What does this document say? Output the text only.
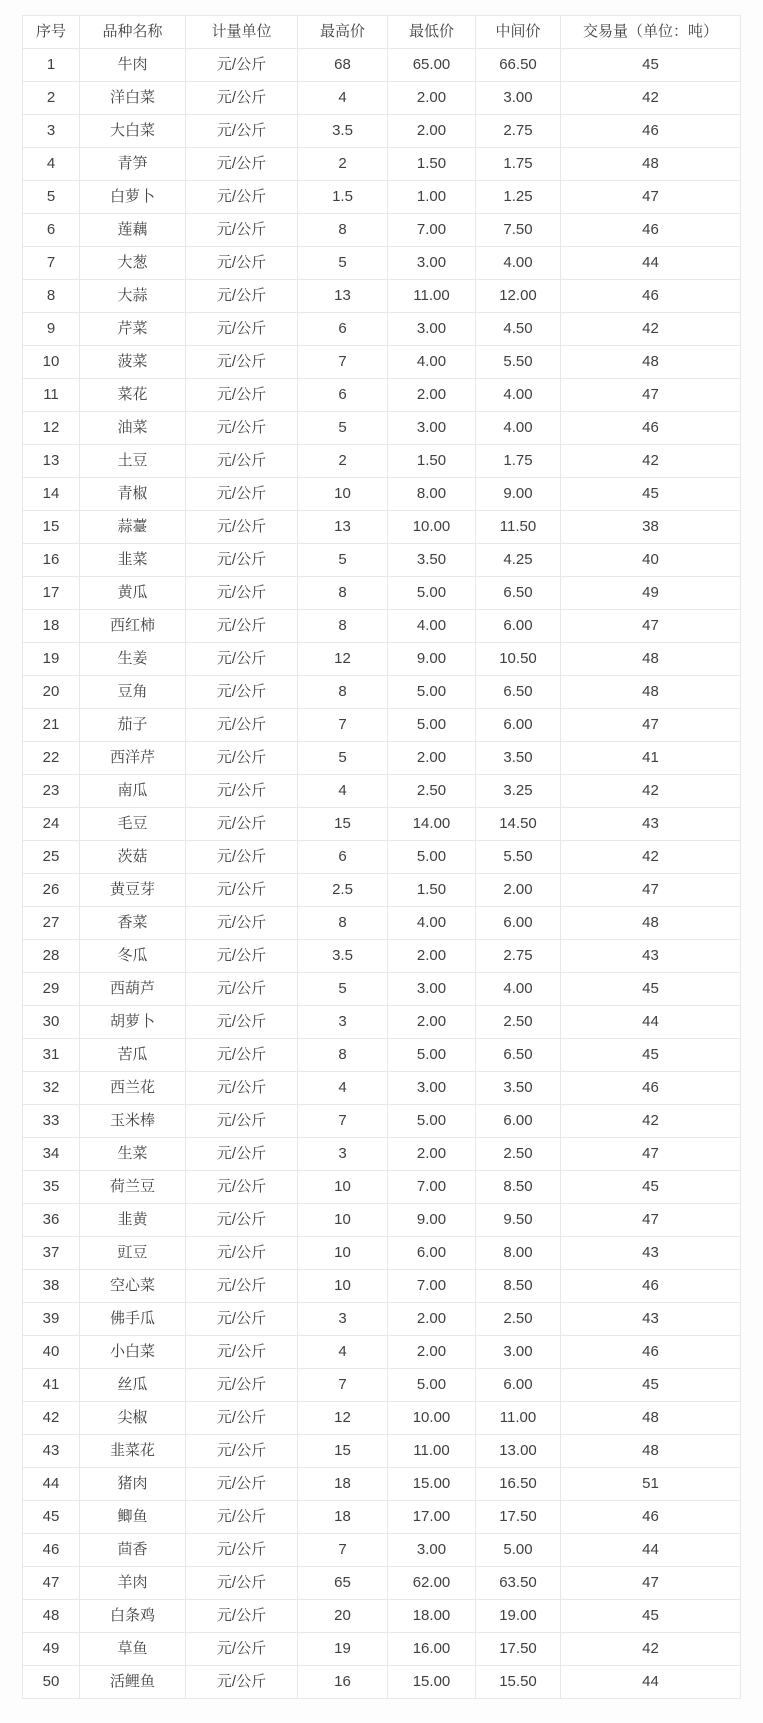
序号	品种名称	计量单位	最高价	最低价	中间价	交易量（单位：吨）
1	牛肉	元/公斤	68	65.00	66.50	45
2	洋白菜	元/公斤	4	2.00	3.00	42
3	大白菜	元/公斤	3.5	2.00	2.75	46
4	青笋	元/公斤	2	1.50	1.75	48
5	白萝卜	元/公斤	1.5	1.00	1.25	47
6	莲藕	元/公斤	8	7.00	7.50	46
7	大葱	元/公斤	5	3.00	4.00	44
8	大蒜	元/公斤	13	11.00	12.00	46
9	芹菜	元/公斤	6	3.00	4.50	42
10	菠菜	元/公斤	7	4.00	5.50	48
11	菜花	元/公斤	6	2.00	4.00	47
12	油菜	元/公斤	5	3.00	4.00	46
13	土豆	元/公斤	2	1.50	1.75	42
14	青椒	元/公斤	10	8.00	9.00	45
15	蒜薹	元/公斤	13	10.00	11.50	38
16	韭菜	元/公斤	5	3.50	4.25	40
17	黄瓜	元/公斤	8	5.00	6.50	49
18	西红柿	元/公斤	8	4.00	6.00	47
19	生姜	元/公斤	12	9.00	10.50	48
20	豆角	元/公斤	8	5.00	6.50	48
21	茄子	元/公斤	7	5.00	6.00	47
22	西洋芹	元/公斤	5	2.00	3.50	41
23	南瓜	元/公斤	4	2.50	3.25	42
24	毛豆	元/公斤	15	14.00	14.50	43
25	茨菇	元/公斤	6	5.00	5.50	42
26	黄豆芽	元/公斤	2.5	1.50	2.00	47
27	香菜	元/公斤	8	4.00	6.00	48
28	冬瓜	元/公斤	3.5	2.00	2.75	43
29	西葫芦	元/公斤	5	3.00	4.00	45
30	胡萝卜	元/公斤	3	2.00	2.50	44
31	苦瓜	元/公斤	8	5.00	6.50	45
32	西兰花	元/公斤	4	3.00	3.50	46
33	玉米棒	元/公斤	7	5.00	6.00	42
34	生菜	元/公斤	3	2.00	2.50	47
35	荷兰豆	元/公斤	10	7.00	8.50	45
36	韭黄	元/公斤	10	9.00	9.50	47
37	豇豆	元/公斤	10	6.00	8.00	43
38	空心菜	元/公斤	10	7.00	8.50	46
39	佛手瓜	元/公斤	3	2.00	2.50	43
40	小白菜	元/公斤	4	2.00	3.00	46
41	丝瓜	元/公斤	7	5.00	6.00	45
42	尖椒	元/公斤	12	10.00	11.00	48
43	韭菜花	元/公斤	15	11.00	13.00	48
44	猪肉	元/公斤	18	15.00	16.50	51
45	鲫鱼	元/公斤	18	17.00	17.50	46
46	茴香	元/公斤	7	3.00	5.00	44
47	羊肉	元/公斤	65	62.00	63.50	47
48	白条鸡	元/公斤	20	18.00	19.00	45
49	草鱼	元/公斤	19	16.00	17.50	42
50	活鲤鱼	元/公斤	16	15.00	15.50	44
